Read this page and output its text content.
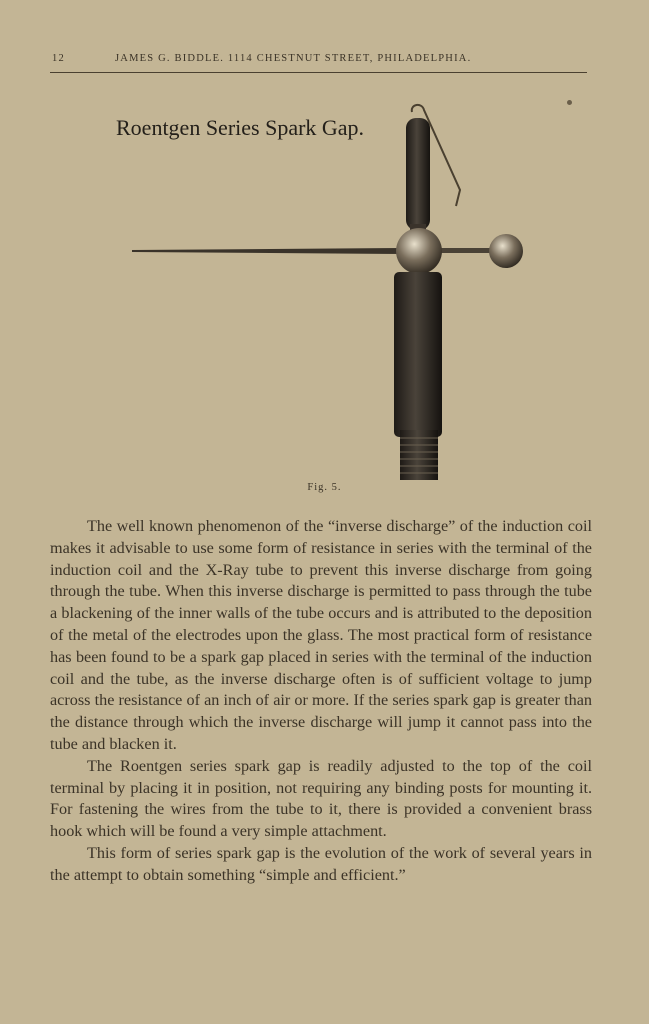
12	JAMES G. BIDDLE. 1114 CHESTNUT STREET, PHILADELPHIA.
Roentgen Series Spark Gap.
Fig. 5.

The well known phenomenon of the “inverse discharge” of the induction coil makes it advisable to use some form of resistance in series with the terminal of the induction coil and the X-Ray tube to prevent this inverse discharge from going through the tube. When this inverse discharge is permitted to pass through the tube a blackening of the inner walls of the tube occurs and is attributed to the deposition of the metal of the electrodes upon the glass. The most practical form of resistance has been found to be a spark gap placed in series with the terminal of the induction coil and the tube, as the inverse discharge often is of sufficient voltage to jump across the resistance of an inch of air or more. If the series spark gap is greater than the distance through which the inverse discharge will jump it cannot pass into the tube and blacken it.

The Roentgen series spark gap is readily adjusted to the top of the coil terminal by placing it in position, not requiring any binding posts for mounting it. For fastening the wires from the tube to it, there is provided a convenient brass hook which will be found a very simple attachment.

This form of series spark gap is the evolution of the work of several years in the attempt to obtain something “simple and efficient.”
